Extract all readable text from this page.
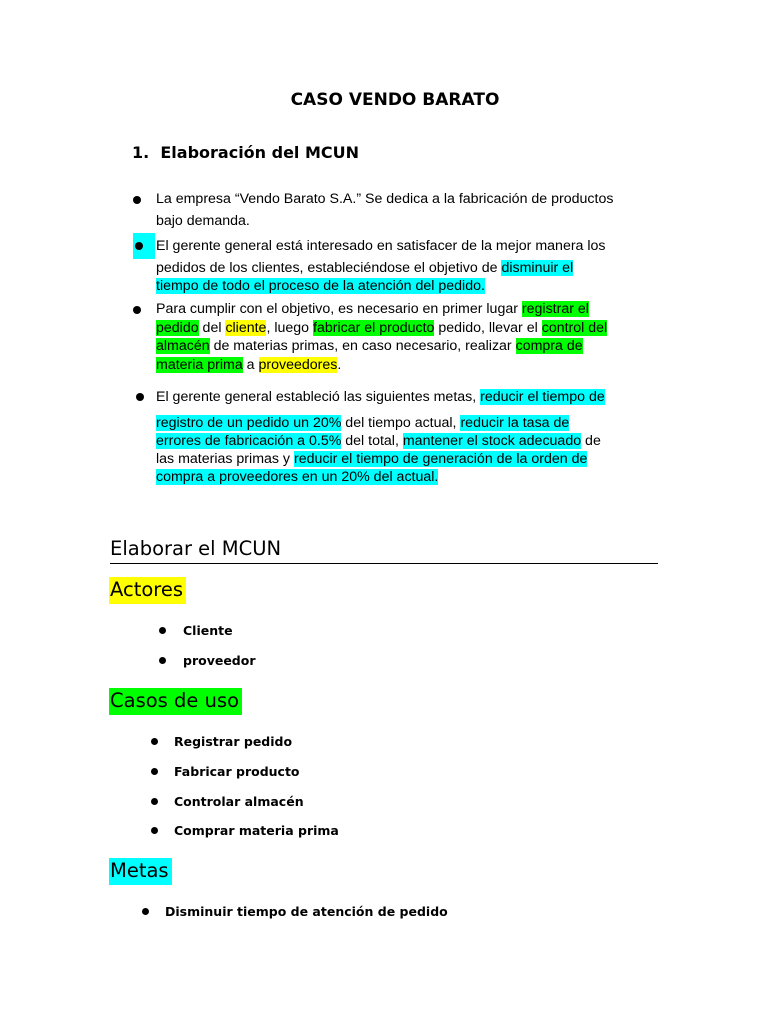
CASO VENDO BARATO
1. Elaboración del MCUN
La empresa “Vendo Barato S.A.” Se dedica a la fabricación de productos
bajo demanda.
El gerente general está interesado en satisfacer de la mejor manera los
pedidos de los clientes, estableciéndose el objetivo de disminuir el
tiempo de todo el proceso de la atención del pedido.
Para cumplir con el objetivo, es necesario en primer lugar registrar el
pedido del cliente, luego fabricar el producto pedido, llevar el control del
almacén de materias primas, en caso necesario, realizar compra de
materia prima a proveedores.
El gerente general estableció las siguientes metas, reducir el tiempo de
registro de un pedido un 20% del tiempo actual, reducir la tasa de
errores de fabricación a 0.5% del total, mantener el stock adecuado de
las materias primas y reducir el tiempo de generación de la orden de
compra a proveedores en un 20% del actual.
Elaborar el MCUN
Actores
Cliente
proveedor
Casos de uso
Registrar pedido
Fabricar producto
Controlar almacén
Comprar materia prima
Metas
Disminuir tiempo de atención de pedido
